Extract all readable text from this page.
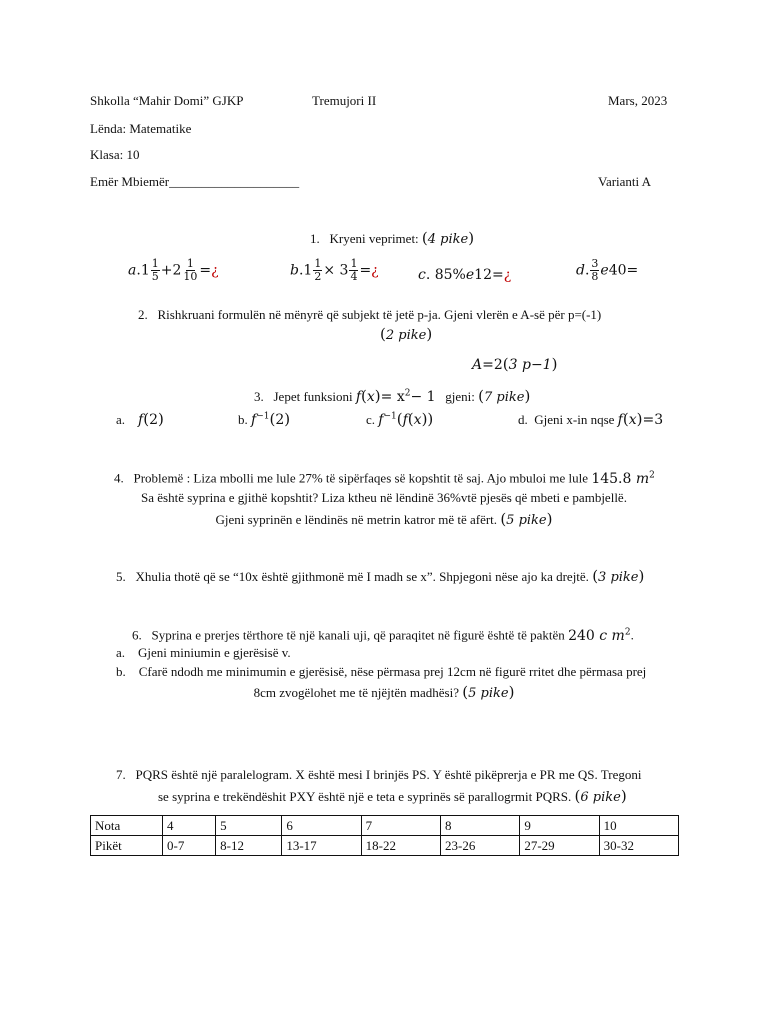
Shkolla “Mahir Domi” GJKP	Tremujori II	Mars, 2023
Lënda: Matematike
Klasa: 10
Emër Mbiemër____________________	Varianti A
1. Kryeni veprimet: (4 pike)
$a.1 \frac{1}{5} +2 \frac{1}{10}$ =¿	$b.1 \frac{1}{2} \times 3 \frac{1}{4}$ =¿	c. 85%e12=¿	d. $\frac{3}{8} e40=$
2. Rishkruani formulën në mënyrë që subjekt të jetë p-ja. Gjeni vlerën e A-së për p=(-1)
(2 pike)
A=2(3 p−1)
3. Jepet funksioni $f(x)= x^2- 1$ gjeni: (7 pike)
a. f(2)	b. $f^{-1}(2)$	c. $f^{-1}(f(x))$	d. Gjeni x-in nqse f(x)=3
4. Problemë : Liza mbolli me lule 27% të sipërfaqes së kopshtit të saj. Ajo mbuloi me lule 145.8 $m^2$
Sa është syprina e gjithë kopshtit? Liza ktheu në lëndinë 36%vtë pjesës që mbeti e pambjellë.
Gjeni syprinën e lëndinës në metrin katror më të afërt. (5 pike)
5. Xhulia thotë që se “10x është gjithmonë më I madh se x”. Shpjegoni nëse ajo ka drejtë. (3 pike)
6. Syprina e prerjes tërthore të një kanali uji, që paraqitet në figurë është të paktën 240 c $m^2$.
a. Gjeni miniumin e gjerësisë v.
b. Cfarë ndodh me minimumin e gjerësisë, nëse përmasa prej 12cm në figurë rritet dhe përmasa prej
8cm zvogëlohet me të njëjtën madhësi? (5 pike)
7. PQRS është një paralelogram. X është mesi I brinjës PS. Y është pikëprerja e PR me QS. Tregoni
se syprina e trekëndëshit PXY është një e teta e syprinës së parallogrmit PQRS. (6 pike)
Nota	4	5	6	7	8	9	10
Pikët	0-7	8-12	13-17	18-22	23-26	27-29	30-32
